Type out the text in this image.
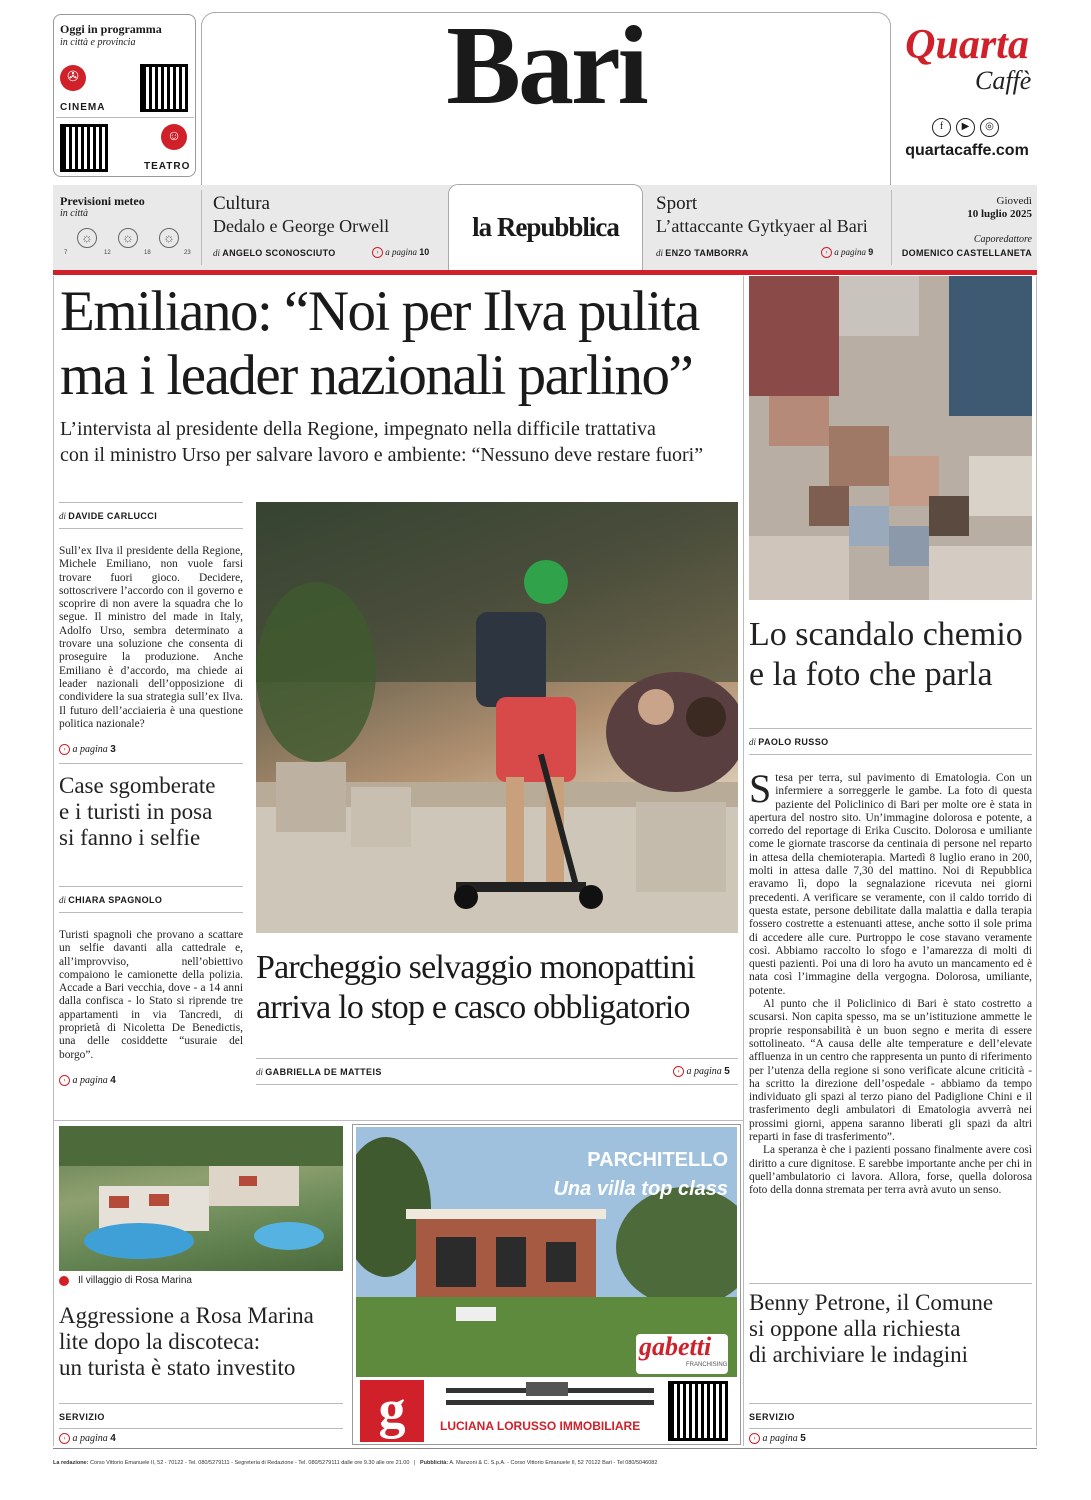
Oggi in programma
in città e provincia
✇
CINEMA
☺
TEATRO
Bari	Quarta
Caffè
f	▶	◎
quartacaffe.com
la Repubblica
Previsioni meteo
in città
☼	☼	☼
7	12	18	23
Cultura
Dedalo e George Orwell
di ANGELO SCONOSCIUTO	› a pagina 10
Sport
L’attaccante Gytkyaer al Bari
di ENZO TAMBORRA	› a pagina 9
Giovedì
10 luglio 2025
Caporedattore
DOMENICO CASTELLANETA
Emiliano: “Noi per Ilva pulita
ma i leader nazionali parlino”
L’intervista al presidente della Regione, impegnato nella difficile trattativa
con il ministro Urso per salvare lavoro e ambiente: “Nessuno deve restare fuori”
di DAVIDE CARLUCCI
Sull’ex Ilva il presidente della Regione, Michele Emiliano, non vuole farsi trovare fuori gioco. Decidere, sottoscrivere l’accordo con il governo e scoprire di non avere la squadra che lo segue. Il ministro del made in Italy, Adolfo Urso, sembra determinato a trovare una soluzione che consenta di proseguire la produzione. Anche Emiliano è d’accordo, ma chiede ai leader nazionali dell’opposizione di condividere la sua strategia sull’ex Ilva. Il futuro dell’acciaieria è una questione politica nazionale?
› a pagina 3
Case sgomberate
e i turisti in posa
si fanno i selfie
di CHIARA SPAGNOLO
Turisti spagnoli che provano a scattare un selfie davanti alla cattedrale e, all’improvviso, nell’obiettivo compaiono le camionette della polizia. Accade a Bari vecchia, dove - a 14 anni dalla confisca - lo Stato si riprende tre appartamenti in via Tancredi, di proprietà di Nicoletta De Benedictis, una delle cosiddette “usuraie del borgo”.
› a pagina 4
Parcheggio selvaggio monopattini
arriva lo stop e casco obbligatorio
di GABRIELLA DE MATTEIS	› a pagina 5
Lo scandalo chemio
e la foto che parla
di PAOLO RUSSO
Stesa per terra, sul pavimento di Ematologia. Con un infermiere a sorreggerle le gambe. La foto di questa paziente del Policlinico di Bari per molte ore è stata in apertura del nostro sito. Un’immagine dolorosa e potente, a corredo del reportage di Erika Cuscito. Dolorosa e umiliante come le giornate trascorse da centinaia di persone nel reparto in attesa della chemioterapia. Martedì 8 luglio erano in 200, molti in attesa dalle 7,30 del mattino. Noi di Repubblica eravamo lì, dopo la segnalazione ricevuta nei giorni precedenti. A verificare se veramente, con il caldo torrido di questa estate, persone debilitate dalla malattia e dalla terapia fossero costrette a estenuanti attese, anche sotto il sole prima di accedere alle cure. Purtroppo le cose stavano veramente così. Abbiamo raccolto lo sfogo e l’amarezza di molti di questi pazienti. Poi una di loro ha avuto un mancamento ed è nata così l’immagine della vergogna. Dolorosa, umiliante, potente.
Al punto che il Policlinico di Bari è stato costretto a scusarsi. Non capita spesso, ma se un’istituzione ammette le proprie responsabilità è un buon segno e merita di essere sottolineato. “A causa delle alte temperature e dell’elevate affluenza in un centro che rappresenta un punto di riferimento per l’utenza della regione si sono verificate alcune criticità - ha scritto la direzione dell’ospedale - abbiamo da tempo individuato gli spazi al terzo piano del Padiglione Chini e il trasferimento degli ambulatori di Ematologia avverrà nei prossimi giorni, appena saranno liberati gli spazi da altri reparti in fase di trasferimento”.
La speranza è che i pazienti possano finalmente avere così diritto a cure dignitose. E sarebbe importante anche per chi in quell’ambulatorio ci lavora. Allora, forse, quella dolorosa foto della donna stremata per terra avrà avuto un senso.
Benny Petrone, il Comune
si oppone alla richiesta
di archiviare le indagini
SERVIZIO
› a pagina 5
Il villaggio di Rosa Marina
Aggressione a Rosa Marina
lite dopo la discoteca:
un turista è stato investito
SERVIZIO
› a pagina 4
PARCHITELLO
Una villa top class
gabetti
FRANCHISING
g	LUCIANA LORUSSO IMMOBILIARE
La redazione: Corso Vittorio Emanuele II, 52 - 70122 - Tel. 080/5279111 - Segreteria di Redazione - Tel. 080/5279111 dalle ore 9.30 alle ore 21.00   |   Pubblicità: A. Manzoni & C. S.p.A. - Corso Vittorio Emanuele II, 52 70122 Bari - Tel 080/5046082
